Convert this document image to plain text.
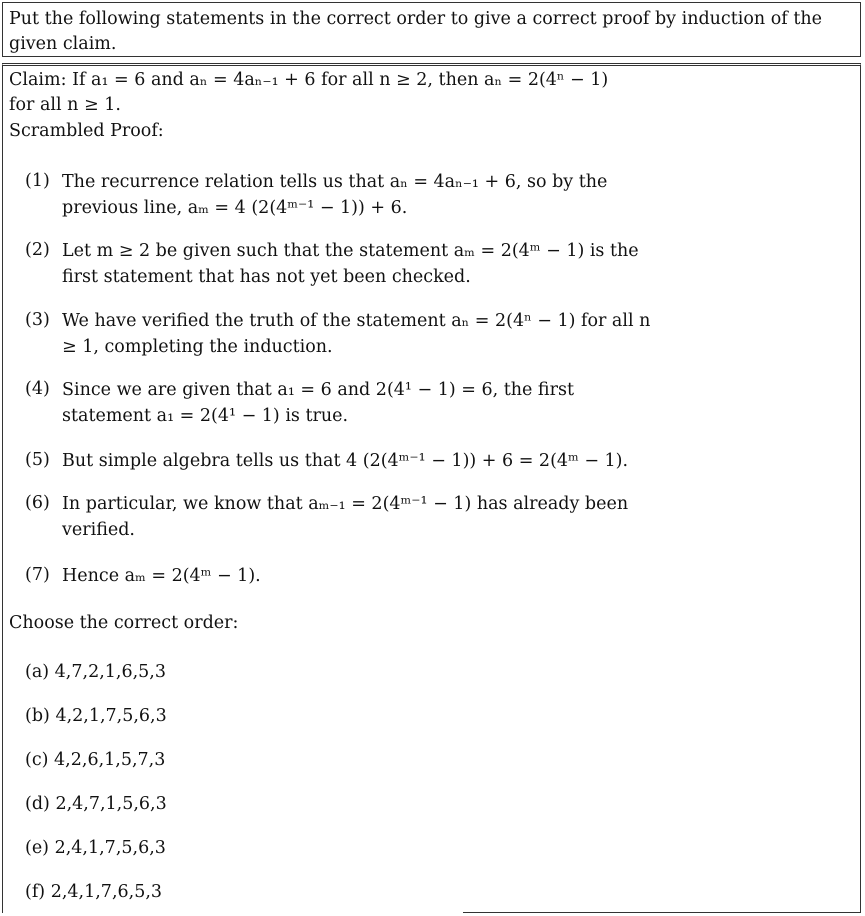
Put the following statements in the correct order to give a correct proof by induction of the
given claim.
Claim: If a₁ = 6 and aₙ = 4aₙ₋₁ + 6 for all n ≥ 2, then aₙ = 2(4ⁿ − 1)
for all n ≥ 1.
Scrambled Proof:
(1) The recurrence relation tells us that aₙ = 4aₙ₋₁ + 6, so by the previous line, aₘ = 4 (2(4ᵐ⁻¹ − 1)) + 6.
(2) Let m ≥ 2 be given such that the statement aₘ = 2(4ᵐ − 1) is the first statement that has not yet been checked.
(3) We have verified the truth of the statement aₙ = 2(4ⁿ − 1) for all n ≥ 1, completing the induction.
(4) Since we are given that a₁ = 6 and 2(4¹ − 1) = 6, the first statement a₁ = 2(4¹ − 1) is true.
(5) But simple algebra tells us that 4 (2(4ᵐ⁻¹ − 1)) + 6 = 2(4ᵐ − 1).
(6) In particular, we know that aₘ₋₁ = 2(4ᵐ⁻¹ − 1) has already been verified.
(7) Hence aₘ = 2(4ᵐ − 1).
Choose the correct order:
(a) 4,7,2,1,6,5,3
(b) 4,2,1,7,5,6,3
(c) 4,2,6,1,5,7,3
(d) 2,4,7,1,5,6,3
(e) 2,4,1,7,5,6,3
(f) 2,4,1,7,6,5,3
